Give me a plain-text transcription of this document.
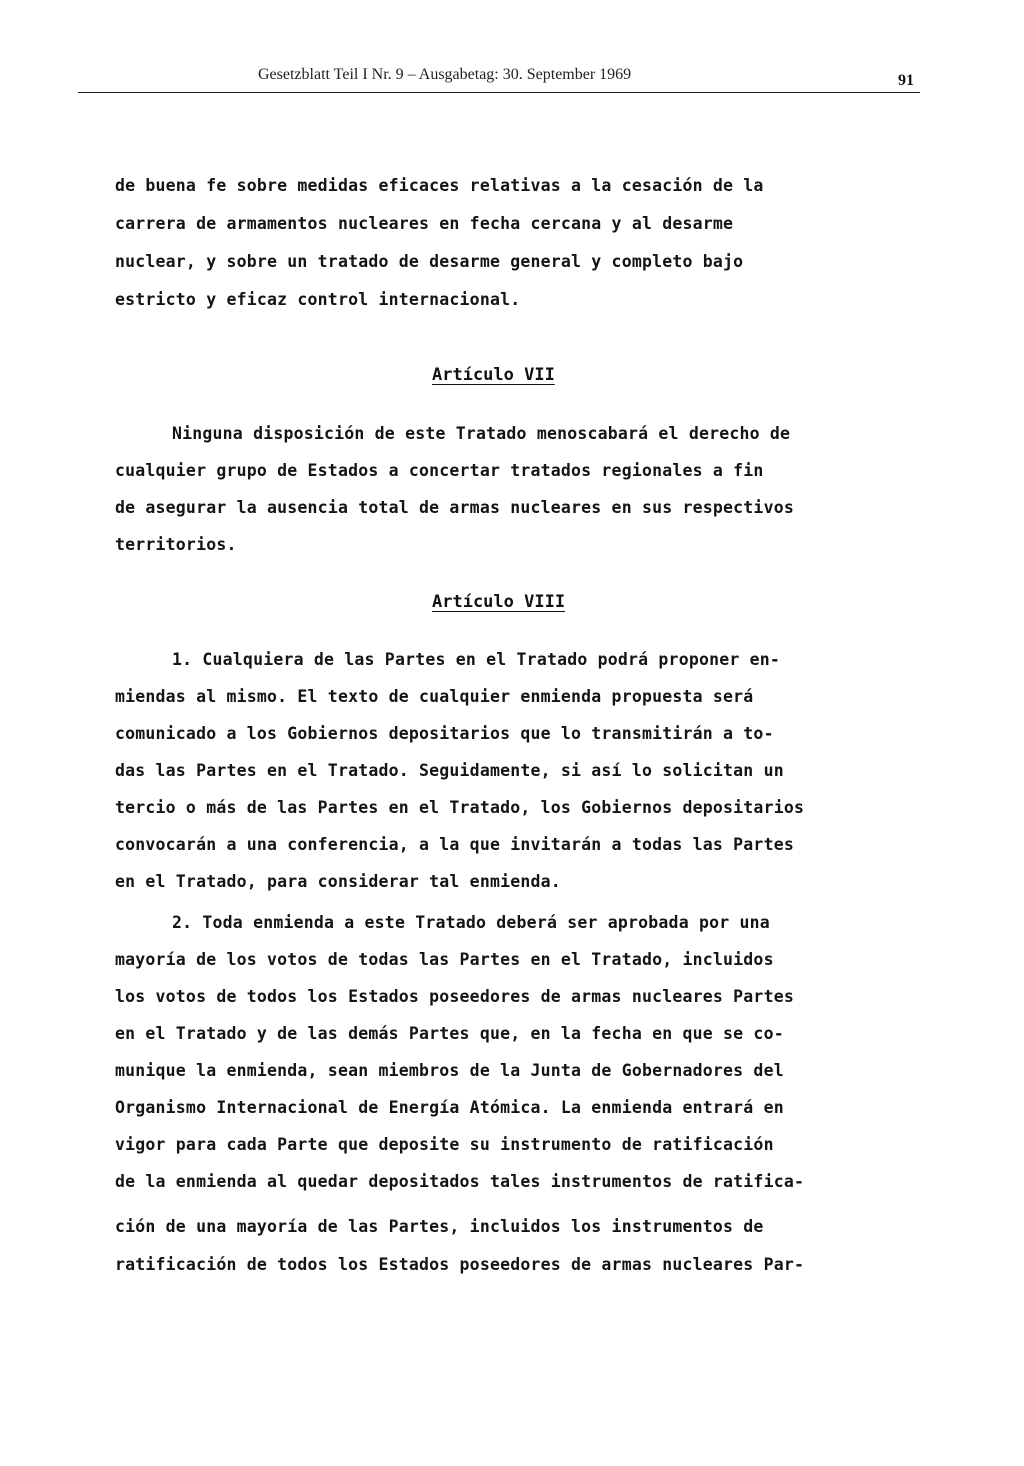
Gesetzblatt Teil I Nr. 9 – Ausgabetag: 30. September 1969	91
de buena fe sobre medidas eficaces relativas a la cesación de la
carrera de armamentos nucleares en fecha cercana y al desarme
nuclear, y sobre un tratado de desarme general y completo bajo
estricto y eficaz control internacional.
Artículo VII
Ninguna disposición de este Tratado menoscabará el derecho de
cualquier grupo de Estados a concertar tratados regionales a fin
de asegurar la ausencia total de armas nucleares en sus respectivos
territorios.
Artículo VIII
1. Cualquiera de las Partes en el Tratado podrá proponer en-
miendas al mismo. El texto de cualquier enmienda propuesta será
comunicado a los Gobiernos depositarios que lo transmitirán a to-
das las Partes en el Tratado. Seguidamente, si así lo solicitan un
tercio o más de las Partes en el Tratado, los Gobiernos depositarios
convocarán a una conferencia, a la que invitarán a todas las Partes
en el Tratado, para considerar tal enmienda.
2. Toda enmienda a este Tratado deberá ser aprobada por una
mayoría de los votos de todas las Partes en el Tratado, incluidos
los votos de todos los Estados poseedores de armas nucleares Partes
en el Tratado y de las demás Partes que, en la fecha en que se co-
munique la enmienda, sean miembros de la Junta de Gobernadores del
Organismo Internacional de Energía Atómica. La enmienda entrará en
vigor para cada Parte que deposite su instrumento de ratificación
de la enmienda al quedar depositados tales instrumentos de ratifica-
ción de una mayoría de las Partes, incluidos los instrumentos de
ratificación de todos los Estados poseedores de armas nucleares Par-
